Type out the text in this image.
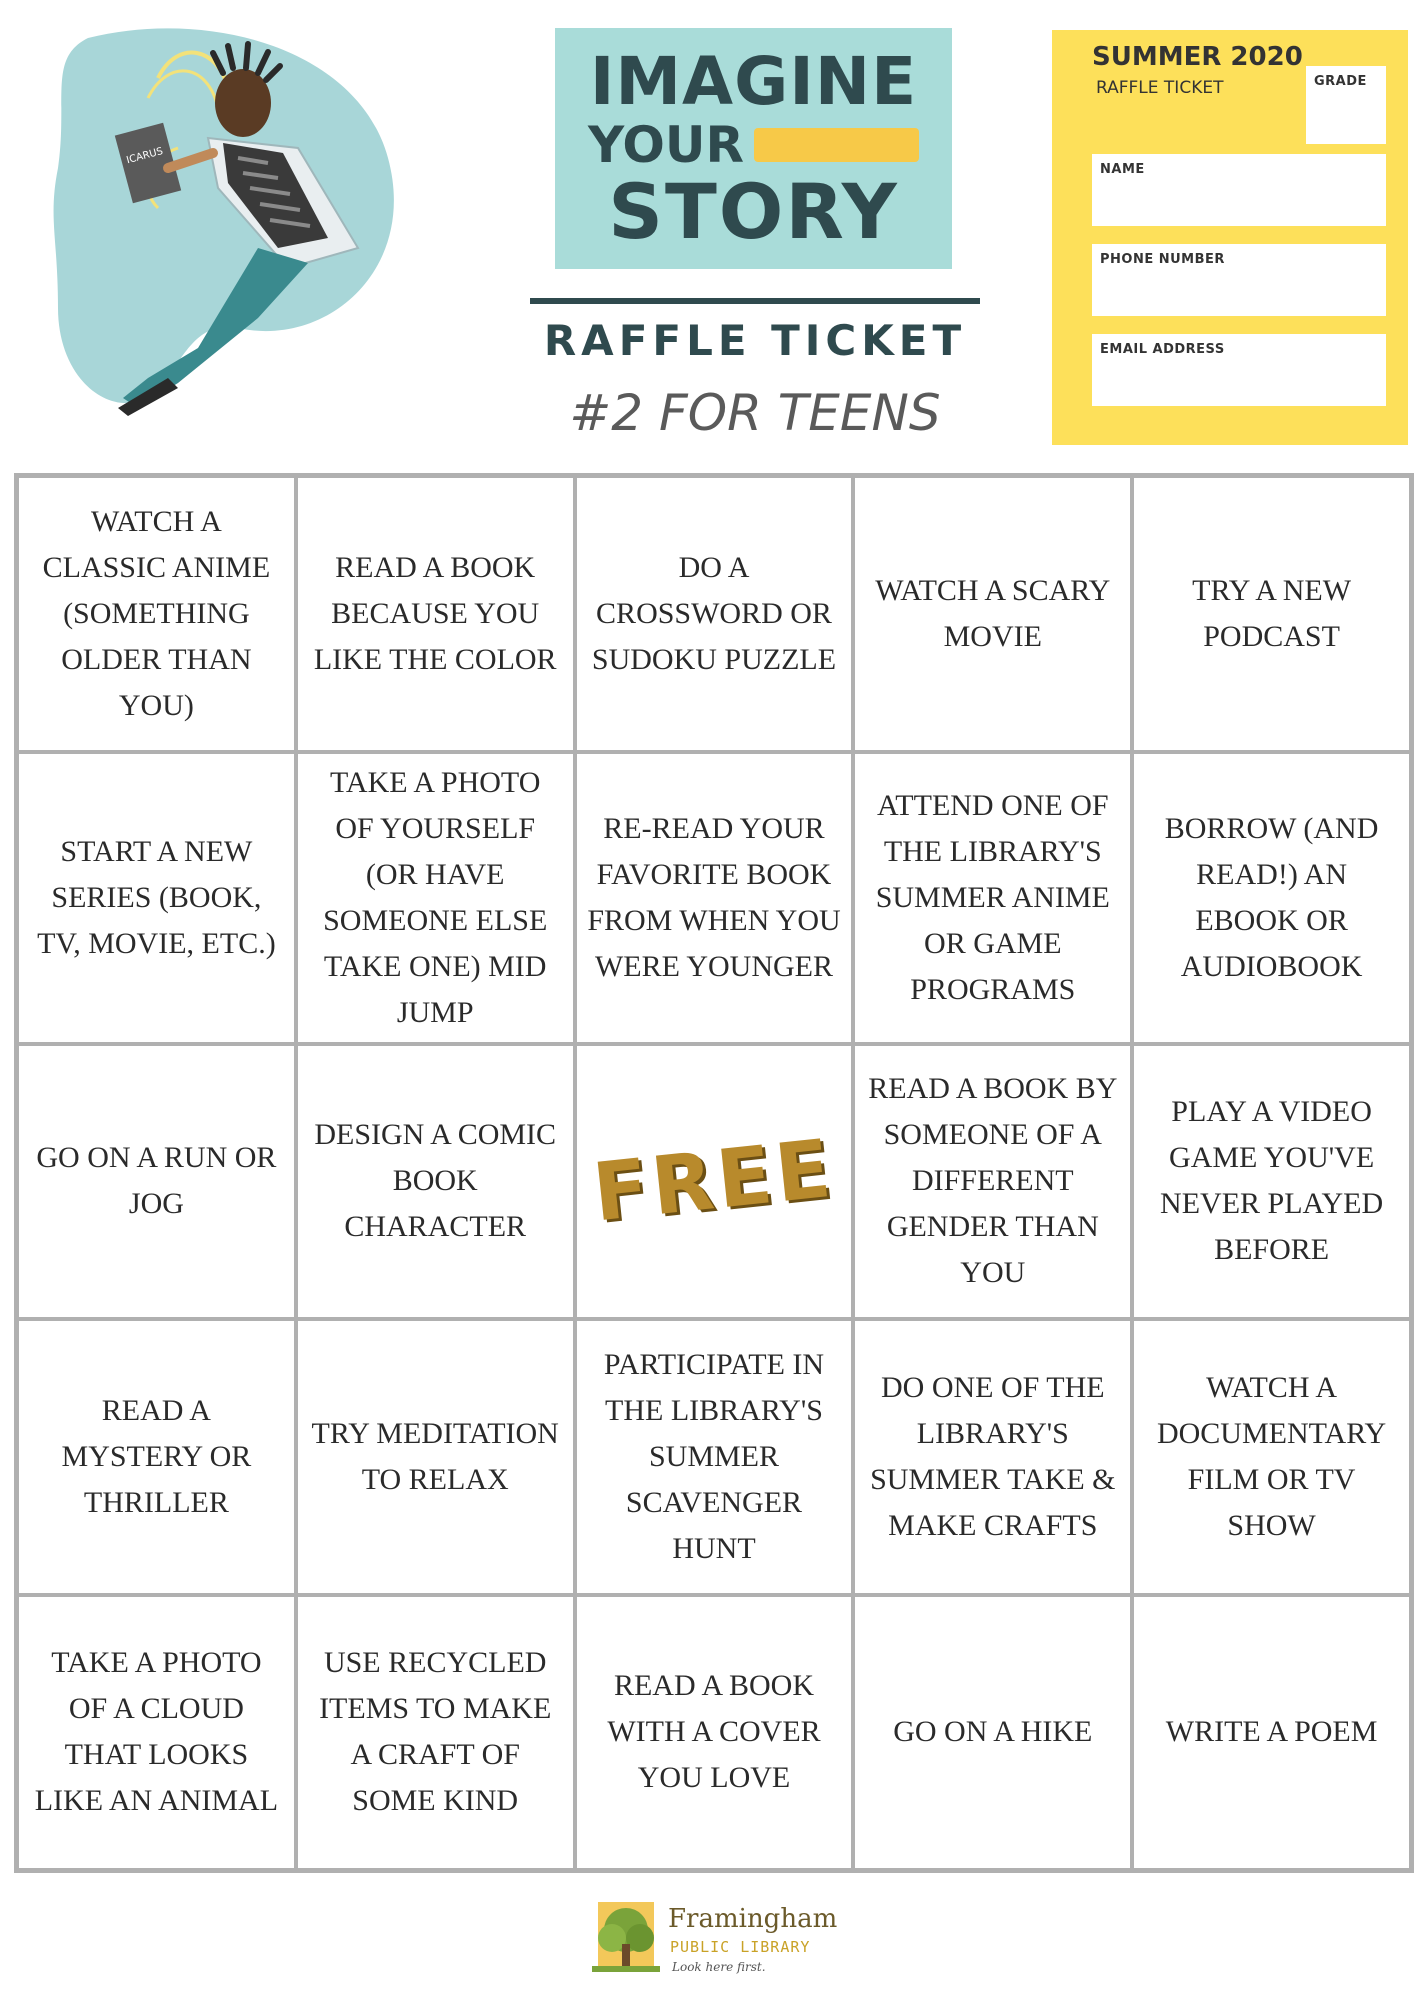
ICARUS
IMAGINE
YOUR
STORY
RAFFLE TICKET
#2 FOR TEENS
SUMMER 2020
RAFFLE TICKET	GRADE
NAME
PHONE NUMBER
EMAIL ADDRESS
WATCH A CLASSIC ANIME (SOMETHING OLDER THAN YOU)
READ A BOOK BECAUSE YOU LIKE THE COLOR
DO A CROSSWORD OR SUDOKU PUZZLE
WATCH A SCARY MOVIE
TRY A NEW PODCAST
START A NEW SERIES (BOOK, TV, MOVIE, ETC.)
TAKE A PHOTO OF YOURSELF (OR HAVE SOMEONE ELSE TAKE ONE) MID JUMP
RE-READ YOUR FAVORITE BOOK FROM WHEN YOU WERE YOUNGER
ATTEND ONE OF THE LIBRARY'S SUMMER ANIME OR GAME PROGRAMS
BORROW (AND READ!) AN EBOOK OR AUDIOBOOK
GO ON A RUN OR JOG
DESIGN A COMIC BOOK CHARACTER FREE
READ A BOOK BY SOMEONE OF A DIFFERENT GENDER THAN YOU
PLAY A VIDEO GAME YOU'VE NEVER PLAYED BEFORE
READ A MYSTERY OR THRILLER
TRY MEDITATION TO RELAX
PARTICIPATE IN THE LIBRARY'S SUMMER SCAVENGER HUNT
DO ONE OF THE LIBRARY'S SUMMER TAKE & MAKE CRAFTS
WATCH A DOCUMENTARY FILM OR TV SHOW
TAKE A PHOTO OF A CLOUD THAT LOOKS LIKE AN ANIMAL
USE RECYCLED ITEMS TO MAKE A CRAFT OF SOME KIND
READ A BOOK WITH A COVER YOU LOVE
GO ON A HIKE WRITE A POEM
Framingham
PUBLIC LIBRARY
Look here first.
